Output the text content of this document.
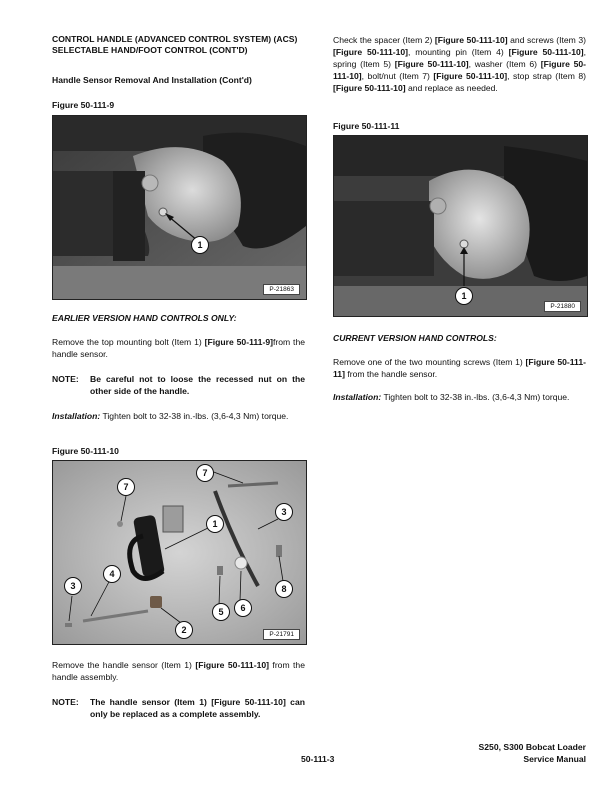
CONTROL HANDLE (ADVANCED CONTROL SYSTEM) (ACS) SELECTABLE HAND/FOOT CONTROL (CONT'D)
Handle Sensor Removal And Installation (Cont'd)
Figure 50-111-9
1
P-21863
EARLIER VERSION HAND CONTROLS ONLY:
Remove the top mounting bolt (Item 1) [Figure 50-111-9]from the handle sensor.
NOTE:	Be careful not to loose the recessed nut on the other side of the handle.
Installation: Tighten bolt to 32-38 in.-lbs. (3,6-4,3 Nm) torque.
Figure 50-111-10
7
7
1
3
4
3	8
5	6
2	P-21791
Remove the handle sensor (Item 1) [Figure 50-111-10] from the handle assembly.
NOTE:	The handle sensor (Item 1) [Figure 50-111-10] can only be replaced as a complete assembly.
Check the spacer (Item 2) [Figure 50-111-10] and screws (Item 3) [Figure 50-111-10], mounting pin (Item 4) [Figure 50-111-10], spring (Item 5) [Figure 50-111-10], washer (Item 6) [Figure 50-111-10], bolt/nut (Item 7) [Figure 50-111-10], stop strap (Item 8) [Figure 50-111-10] and replace as needed.
Figure 50-111-11
1
P-21880
CURRENT VERSION HAND CONTROLS:
Remove one of the two mounting screws (Item 1) [Figure 50-111-11] from the handle sensor.
Installation: Tighten bolt to 32-38 in.-lbs. (3,6-4,3 Nm) torque.
50-111-3
S250, S300 Bobcat Loader
Service Manual
